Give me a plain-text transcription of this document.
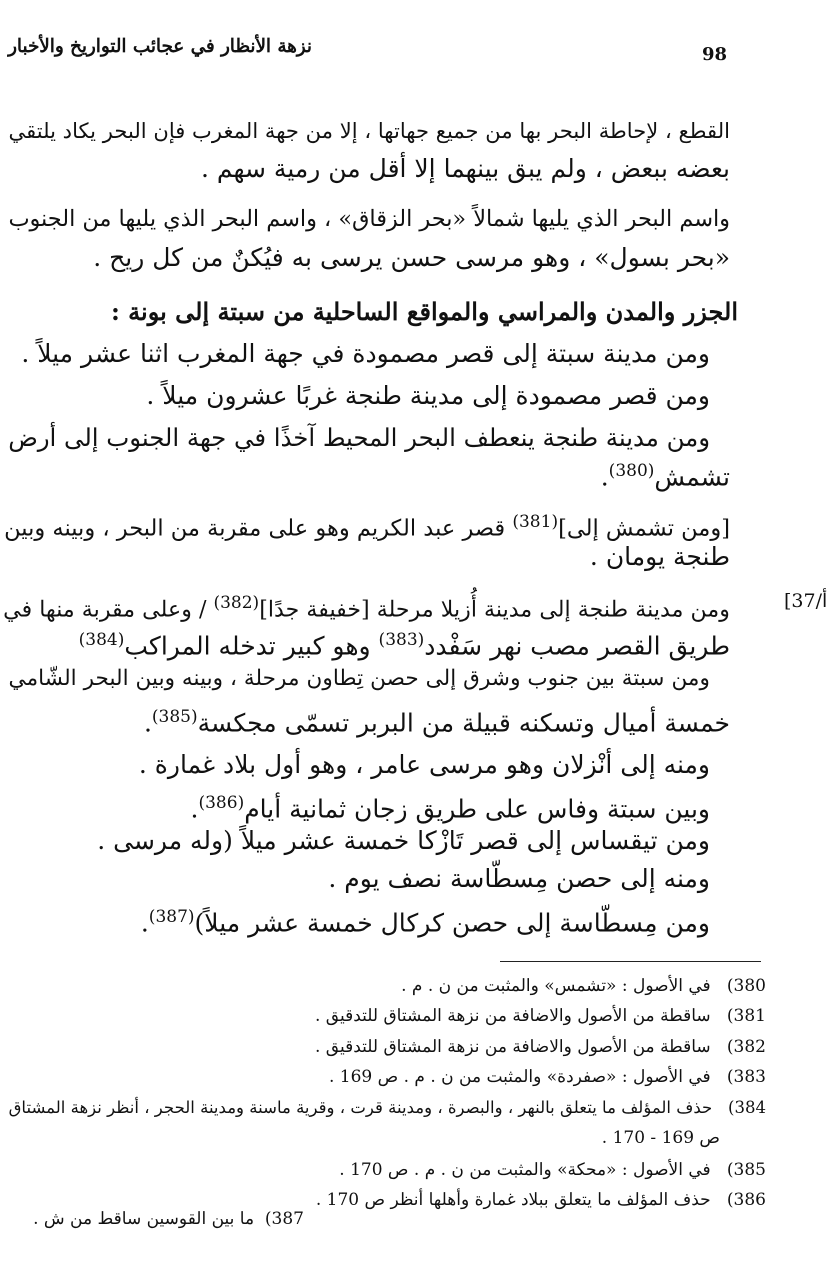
نزهة الأنظار في عجائب التواريخ والأخبار	98
القطع ، لإحاطة البحر بها من جميع جهاتها ، إلا من جهة المغرب فإن البحر يكاد يلتقي
بعضه ببعض ، ولم يبق بينهما إلا أقل من رمية سهم .
واسم البحر الذي يليها شمالاً «بحر الزقاق» ، واسم البحر الذي يليها من الجنوب
«بحر بسول» ، وهو مرسى حسن يرسى به فيُكنٌ من كل ريح .
الجزر والمدن والمراسي والمواقع الساحلية من سبتة إلى بونة :
ومن مدينة سبتة إلى قصر مصمودة في جهة المغرب اثنا عشر ميلاً .
ومن قصر مصمودة إلى مدينة طنجة غربًا عشرون ميلاً .
ومن مدينة طنجة ينعطف البحر المحيط آخذًا في جهة الجنوب إلى أرض
تشمش$^{(380)}$.
[ومن تشمش إلى]$^{(381)}$ قصر عبد الكريم وهو على مقربة من البحر ، وبينه وبين
طنجة يومان .
[37/أ
ومن مدينة طنجة إلى مدينة أُزيلا مرحلة [خفيفة جدًا]$^{(382)}$ / وعلى مقربة منها في
طريق القصر مصب نهر سَفْدد$^{(383)}$ وهو كبير تدخله المراكب$^{(384)}$
ومن سبتة بين جنوب وشرق إلى حصن تِطاون مرحلة ، وبينه وبين البحر الشّامي
خمسة أميال وتسكنه قبيلة من البربر تسمّى مجكسة$^{(385)}$.
ومنه إلى أنْزلان وهو مرسى عامر ، وهو أول بلاد غمارة .
وبين سبتة وفاس على طريق زجان ثمانية أيام$^{(386)}$.
ومن تيقساس إلى قصر تَازْكا خمسة عشر ميلاً (وله مرسى .
ومنه إلى حصن مِسطّاسة نصف يوم .
ومن مِسطّاسة إلى حصن كركال خمسة عشر ميلاً)$^{(387)}$.
380)   في الأصول : «تشمس» والمثبت من ن . م .
381)   ساقطة من الأصول والاضافة من نزهة المشتاق للتدقيق .
382)   ساقطة من الأصول والاضافة من نزهة المشتاق للتدقيق .
383)   في الأصول : «صفردة» والمثبت من ن . م . ص 169 .
384)   حذف المؤلف ما يتعلق بالنهر ، والبصرة ، ومدينة قرت ، وقرية ماسنة ومدينة الحجر ، أنظر نزهة المشتاق
ص 169 - 170 .
385)   في الأصول : «محكة» والمثبت من ن . م . ص 170 .
386)   حذف المؤلف ما يتعلق ببلاد غمارة وأهلها أنظر ص 170 .
387)  ما بين القوسين ساقط من ش .
